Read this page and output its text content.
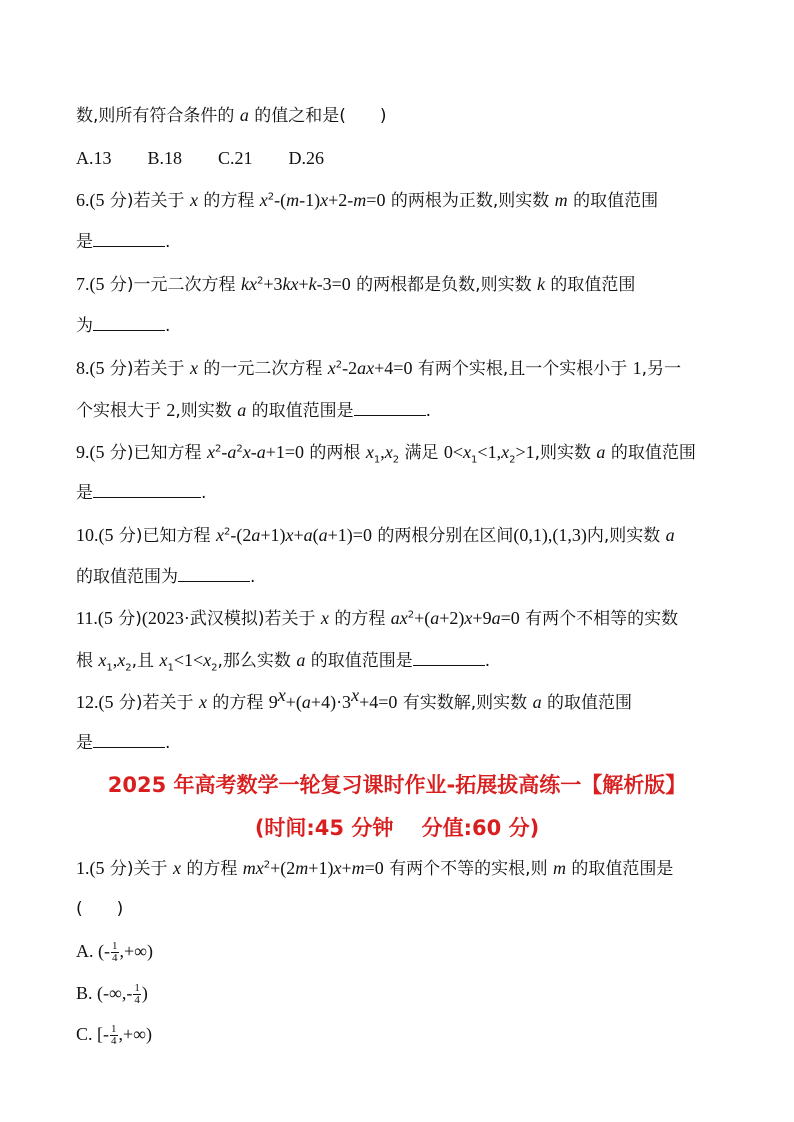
数,则所有符合条件的 a 的值之和是(　　)
A.13 B.18 C.21 D.26
6.(5 分)若关于 x 的方程 $x^2-(m-1)x+2-m=0$ 的两根为正数,则实数 m 的取值范围
是	.
7.(5 分)一元二次方程 $kx^2+3kx+k-3=0$ 的两根都是负数,则实数 k 的取值范围
为	.
8.(5 分)若关于 x 的一元二次方程 $x^2-2ax+4=0$ 有两个实根,且一个实根小于 1,另一
个实根大于 2,则实数 a 的取值范围是	.
9.(5 分)已知方程 $x^2-a^2x-a+1=0$ 的两根 $x_1,x_2$ 满足 $0<x_1<1,x_2>1$,则实数 a 的取值范围
是	.
10.(5 分)已知方程 $x^2-(2a+1)x+a(a+1)=0$ 的两根分别在区间(0,1),(1,3)内,则实数 a
的取值范围为	.
11.(5 分)(2023·武汉模拟)若关于 x 的方程 $ax^2+(a+2)x+9a=0$ 有两个不相等的实数
根 $x_1,x_2$,且 $x_1<1<x_2$,那么实数 a 的取值范围是	.
12.(5 分)若关于 x 的方程 $9^x+(a+4)\cdot 3^x+4=0$ 有实数解,则实数 a 的取值范围
是	.
2025 年高考数学一轮复习课时作业-拓展拔高练一【解析版】
(时间:45 分钟　 分值:60 分)
1.(5 分)关于 x 的方程 $mx^2+(2m+1)x+m=0$ 有两个不等的实根,则 m 的取值范围是
(　　)
A. (- $\frac{1}{4}$ ,+∞)
B. (-∞,- $\frac{1}{4}$ )
C. [- $\frac{1}{4}$ ,+∞)
